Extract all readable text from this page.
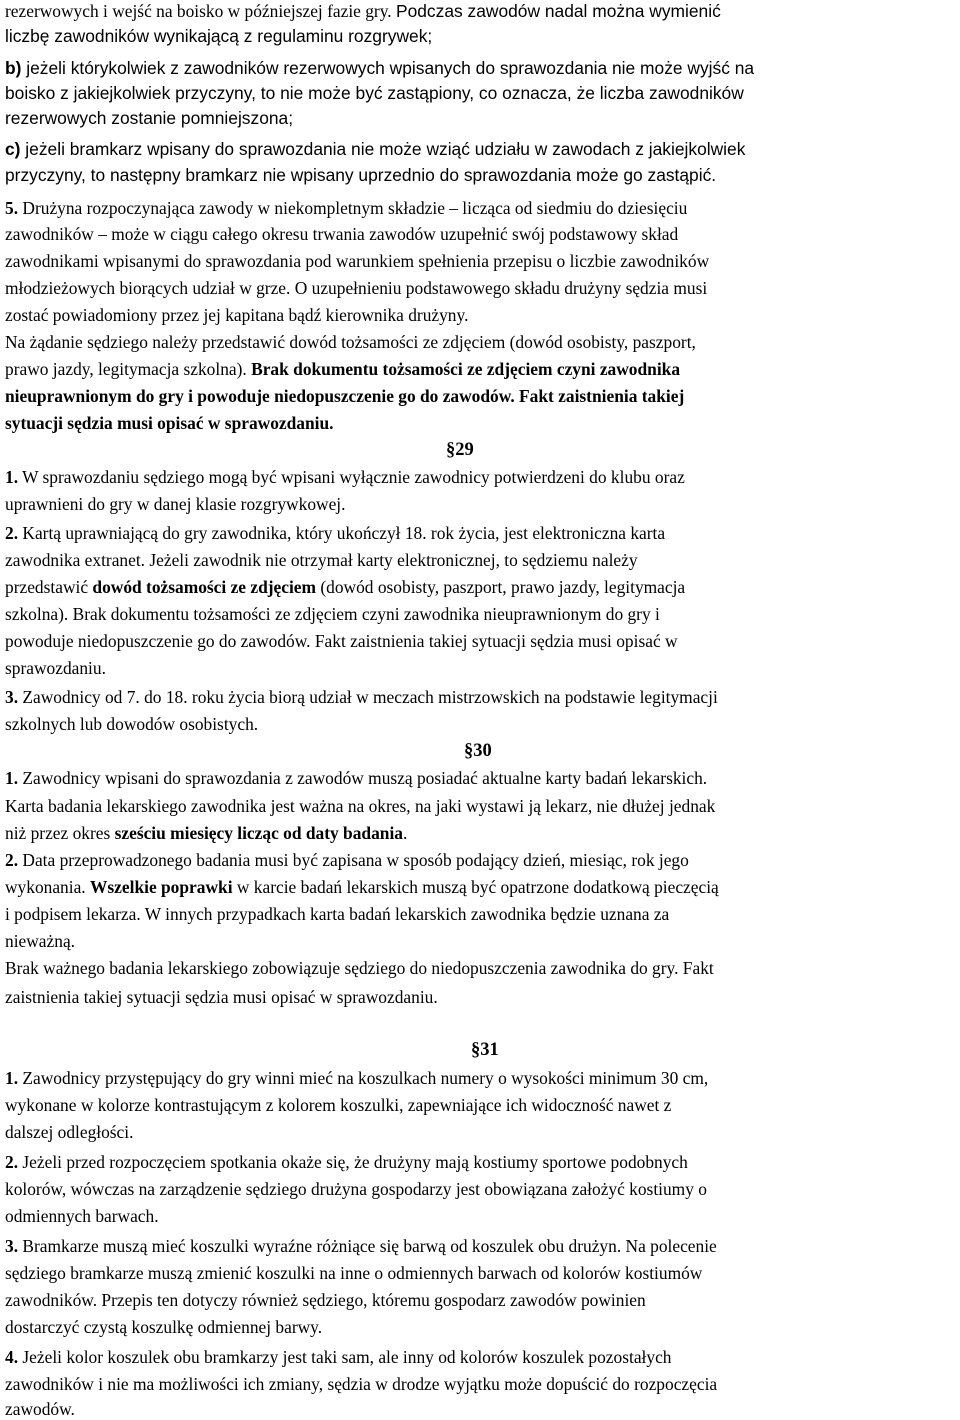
rezerwowych i wejść na boisko w późniejszej fazie gry. Podczas zawodów nadal można wymienić
liczbę zawodników wynikającą z regulaminu rozgrywek;
b) jeżeli którykolwiek z zawodników rezerwowych wpisanych do sprawozdania nie może wyjść na
boisko z jakiejkolwiek przyczyny, to nie może być zastąpiony, co oznacza, że liczba zawodników
rezerwowych zostanie pomniejszona;
c) jeżeli bramkarz wpisany do sprawozdania nie może wziąć udziału w zawodach z jakiejkolwiek
przyczyny, to następny bramkarz nie wpisany uprzednio do sprawozdania może go zastąpić.
5. Drużyna rozpoczynająca zawody w niekompletnym składzie – licząca od siedmiu do dziesięciu
zawodników – może w ciągu całego okresu trwania zawodów uzupełnić swój podstawowy skład
zawodnikami wpisanymi do sprawozdania pod warunkiem spełnienia przepisu o liczbie zawodników
młodzieżowych biorących udział w grze. O uzupełnieniu podstawowego składu drużyny sędzia musi
zostać powiadomiony przez jej kapitana bądź kierownika drużyny.
Na żądanie sędziego należy przedstawić dowód tożsamości ze zdjęciem (dowód osobisty, paszport,
prawo jazdy, legitymacja szkolna). Brak dokumentu tożsamości ze zdjęciem czyni zawodnika
nieuprawnionym do gry i powoduje niedopuszczenie go do zawodów. Fakt zaistnienia takiej
sytuacji sędzia musi opisać w sprawozdaniu.
§29
1. W sprawozdaniu sędziego mogą być wpisani wyłącznie zawodnicy potwierdzeni do klubu oraz
uprawnieni do gry w danej klasie rozgrywkowej.
2. Kartą uprawniającą do gry zawodnika, który ukończył 18. rok życia, jest elektroniczna karta
zawodnika extranet. Jeżeli zawodnik nie otrzymał karty elektronicznej, to sędziemu należy
przedstawić dowód tożsamości ze zdjęciem (dowód osobisty, paszport, prawo jazdy, legitymacja
szkolna). Brak dokumentu tożsamości ze zdjęciem czyni zawodnika nieuprawnionym do gry i
powoduje niedopuszczenie go do zawodów. Fakt zaistnienia takiej sytuacji sędzia musi opisać w
sprawozdaniu.
3. Zawodnicy od 7. do 18. roku życia biorą udział w meczach mistrzowskich na podstawie legitymacji
szkolnych lub dowodów osobistych.
§30
1. Zawodnicy wpisani do sprawozdania z zawodów muszą posiadać aktualne karty badań lekarskich.
Karta badania lekarskiego zawodnika jest ważna na okres, na jaki wystawi ją lekarz, nie dłużej jednak
niż przez okres sześciu miesięcy licząc od daty badania.
2. Data przeprowadzonego badania musi być zapisana w sposób podający dzień, miesiąc, rok jego
wykonania. Wszelkie poprawki w karcie badań lekarskich muszą być opatrzone dodatkową pieczęcią
i podpisem lekarza. W innych przypadkach karta badań lekarskich zawodnika będzie uznana za
nieważną.
Brak ważnego badania lekarskiego zobowiązuje sędziego do niedopuszczenia zawodnika do gry. Fakt
zaistnienia takiej sytuacji sędzia musi opisać w sprawozdaniu.
§31
1. Zawodnicy przystępujący do gry winni mieć na koszulkach numery o wysokości minimum 30 cm,
wykonane w kolorze kontrastującym z kolorem koszulki, zapewniające ich widoczność nawet z
dalszej odległości.
2. Jeżeli przed rozpoczęciem spotkania okaże się, że drużyny mają kostiumy sportowe podobnych
kolorów, wówczas na zarządzenie sędziego drużyna gospodarzy jest obowiązana założyć kostiumy o
odmiennych barwach.
3. Bramkarze muszą mieć koszulki wyraźne różniące się barwą od koszulek obu drużyn. Na polecenie
sędziego bramkarze muszą zmienić koszulki na inne o odmiennych barwach od kolorów kostiumów
zawodników. Przepis ten dotyczy również sędziego, któremu gospodarz zawodów powinien
dostarczyć czystą koszulkę odmiennej barwy.
4. Jeżeli kolor koszulek obu bramkarzy jest taki sam, ale inny od kolorów koszulek pozostałych
zawodników i nie ma możliwości ich zmiany, sędzia w drodze wyjątku może dopuścić do rozpoczęcia
zawodów.
